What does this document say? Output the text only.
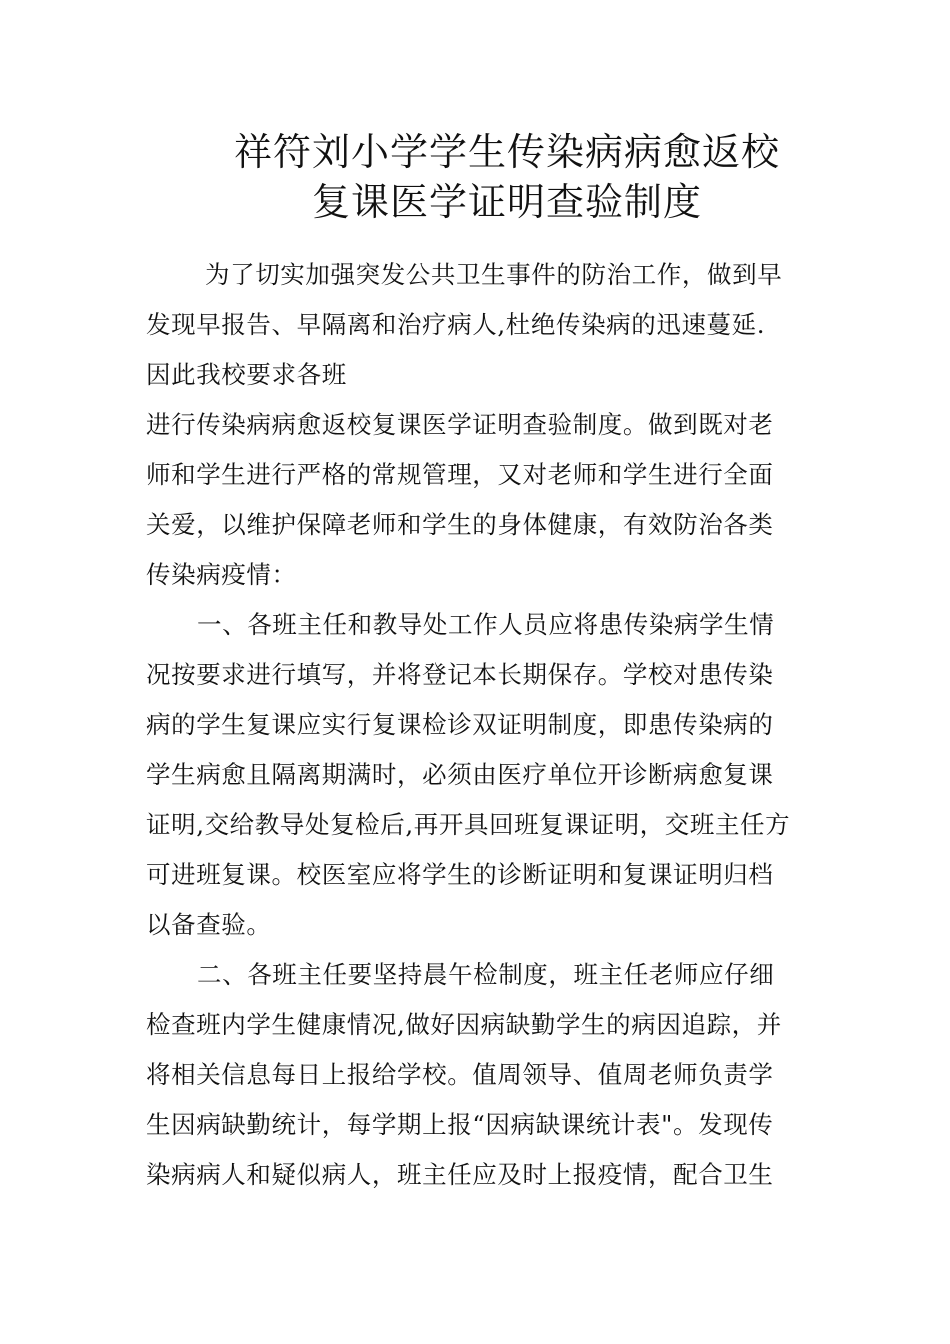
祥符刘小学学生传染病病愈返校
复课医学证明查验制度
为了切实加强突发公共卫生事件的防治工作，做到早
发现早报告、早隔离和治疗病人,杜绝传染病的迅速蔓延.
因此我校要求各班
进行传染病病愈返校复课医学证明查验制度。做到既对老
师和学生进行严格的常规管理，又对老师和学生进行全面
关爱，以维护保障老师和学生的身体健康，有效防治各类
传染病疫情：
一、各班主任和教导处工作人员应将患传染病学生情
况按要求进行填写，并将登记本长期保存。学校对患传染
病的学生复课应实行复课检诊双证明制度，即患传染病的
学生病愈且隔离期满时，必须由医疗单位开诊断病愈复课
证明,交给教导处复检后,再开具回班复课证明，交班主任方
可进班复课。校医室应将学生的诊断证明和复课证明归档
以备查验。
二、各班主任要坚持晨午检制度，班主任老师应仔细
检查班内学生健康情况,做好因病缺勤学生的病因追踪，并
将相关信息每日上报给学校。值周领导、值周老师负责学
生因病缺勤统计，每学期上报“因病缺课统计表"。发现传
染病病人和疑似病人，班主任应及时上报疫情，配合卫生
